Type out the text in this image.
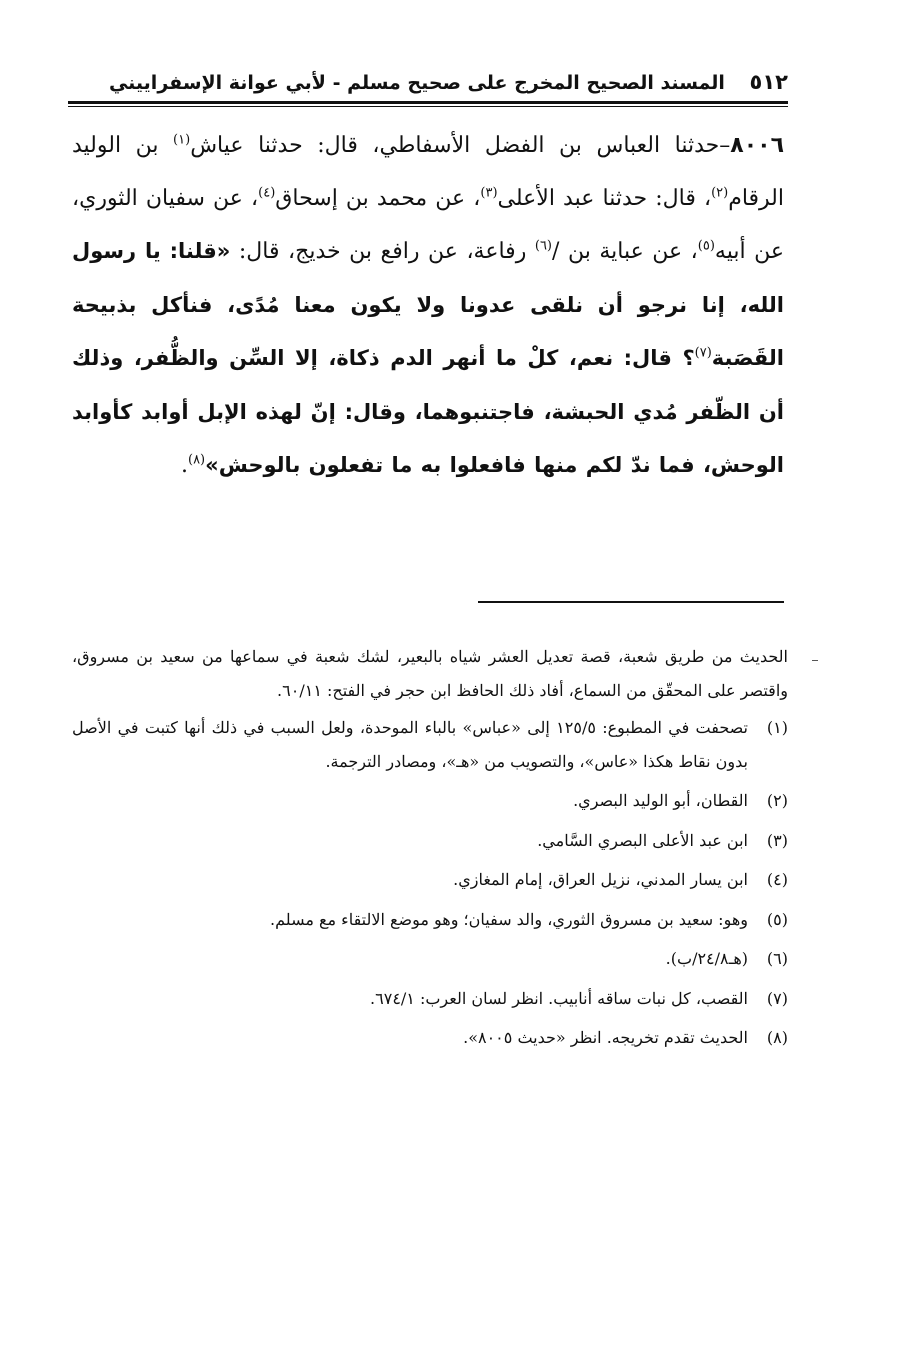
٥١٢ المسند الصحيح المخرج على صحيح مسلم - لأبي عوانة الإسفراييني
٨٠٠٦–حدثنا العباس بن الفضل الأسفاطي، قال: حدثنا عياش$^{(١)}$ بن الوليد الرقام$^{(٢)}$، قال: حدثنا عبد الأعلى$^{(٣)}$، عن محمد بن إسحاق$^{(٤)}$، عن سفيان الثوري، عن أبيه$^{(٥)}$، عن عباية بن /$^{(٦)}$ رفاعة، عن رافع بن خديج، قال: «قلنا: يا رسول الله، إنا نرجو أن نلقى عدونا ولا يكون معنا مُدًى، فنأكل بذبيحة القَصَبة$^{(٧)}$؟ قال: نعم، كلْ ما أنهر الدم ذكاة، إلا السِّن والظُّفر، وذلك أن الظّفر مُدي الحبشة، فاجتنبوهما، وقال: إنّ لهذه الإبل أوابد كأوابد الوحش، فما ندّ لكم منها فافعلوا به ما تفعلون بالوحش»$^{(٨)}$.

الحديث من طريق شعبة، قصة تعديل العشر شياه بالبعير، لشك شعبة في سماعها من سعيد بن مسروق، واقتصر على المحقّق من السماع، أفاد ذلك الحافظ ابن حجر في الفتح: ٦٠/١١.

(١)
تصحفت في المطبوع: ١٢٥/٥ إلى «عباس» بالباء الموحدة، ولعل السبب في ذلك أنها كتبت في الأصل بدون نقاط هكذا «عاس»، والتصويب من «هـ»، ومصادر الترجمة.
(٢)
القطان، أبو الوليد البصري.
(٣)
ابن عبد الأعلى البصري السَّامي.
(٤)
ابن يسار المدني، نزيل العراق، إمام المغازي.
(٥)
وهو: سعيد بن مسروق الثوري، والد سفيان؛ وهو موضع الالتقاء مع مسلم.
(٦)
(هـ٢٤/٨/ب).
(٧)
القصب، كل نبات ساقه أنابيب. انظر لسان العرب: ٦٧٤/١.
(٨)
الحديث تقدم تخريجه. انظر «حديث ٨٠٠٥».
